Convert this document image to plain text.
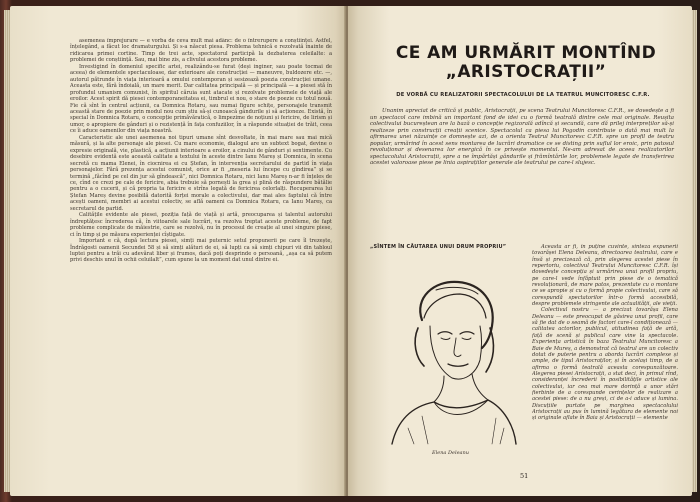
asemenea împrejurare — e vorba de ceva mult mai adânc: de o întrerupere a conștiinței. Astfel, înțelegând, a făcut loc dramaturgului. Și s-a născut piesa. Problema tehnică e rezolvată înainte de ridicarea primei cortine. Timp de trei acte, spectatorul participă la dezbaterea celeilalte: a problemei de conștiință. Sau, mai bine zis, a clivului acestora probleme.

Investigind în domeniul specific artei, realizându-se furat (deși inginer, sau poate tocmai de aceea) de elementele spectaculoase, dar exterioare ale construcției — maneuvre, buldozere etc. —, autorul pătrunde în viața interioară a omului contemporan și sesizează poezia construcției umane. Aceasta este, fără îndoială, un mare merit. Dar calitatea principală — și principală — a piesei stă în profundul umanism comunist, în spiritul căruia sunt atacate și rezolvate problemele de viață ale eroilor. Acest spirit dă piesei contemporaneitatea ei, timbrul ei nou, o stare de poezie cu totul nouă. Fie că sînt în centrul acțiunii, ca Domnica Rotaru, sau numai figure schițe, personajele transmit această stare de poezie prin modul nou cum știu să-și cunoască gândurile și să acționeze. Există, în special în Domnica Rotaru, o concepție primăvăratică, o limpezime de noțiuni și fericire, de lirism și umor, o apropiere de gânduri și o rezistență în fața confuziilor, în a răspunde situației de trăit, ceea ce îi aduce oamenilor din viața noastră.

Caracteristic ale unei asemenea noi tipuri umane sînt desvoltate, în mai mare sau mai mică măsură, și la alte personaje ale piesei. Cu mare economie, dialogul are un subtext bogat, devine o expresie originală, vie, plastică, a acțiunii interioare a eroilor, a cinului de gânduri și sentimente. Cu desebire evidentă este această calitate a textului în aceste dintre Ianu Mareș și Domnica, în scena secretă cu mama Elenei, în ciocnirea ei cu Ștefan, în intervenția secretarului de partid în viața personajelor. Fără prezența acestui comunist, orice ar fi „meseria lui începe cu gîndirea” și se termină „făcînd pe cel din jur să gîndească”, nici Domnica Rotaru, nici Ianu Mareș n-ar fi înțeles de ce, cînd ce crezi pe cale de fericire, abia trebuie să pornești la grea și plină de răspundere bătălie pentru a o cucerii, și că propria ta fericire e strîns legată de fericirea celorlalți. Recuperarea lui Ștefan Mareș devine posibilă datorită forței morale a colectivului, dar mai ales faptului că între acești oameni, membri ai acestui colectiv, se află oameni ca Domnica Rotaru, ca Ianu Mareș, ca secretarul de partid.

Calitățile evidente ale piesei, poziția față de viață și artă, preocuparea și talentul autorului îndreptățesc încrederea că, în viitoarele sale lucrări, va rezolva treptat aceste probleme, de fapt probleme complicate de măiestrie, care se rezolvă, nu în procesul de creație al unei singure piese, ci în timp și pe măsura experienței cîștigate.

Important e că, după lectura piesei, simți mai puternic setul propunerii pe care îl trezește, Îndrăgosti oamenii Secundei 58 și să simți alături de ei, să lupți ca să simți chipuri vii din tabloul luptei pentru a trăi cu adevărat liber și frumos, dacă poți desprinde o persoană, „așa ca să putem privi deschis unul în ochii celuilalt”, cum spune la un moment dat unul dintre ei.

CE AM URMĂRIT MONTÎND
„ARISTOCRAȚII”
DE VORBĂ CU REALIZATORII SPECTACOLULUI DE LA TEATRUL MUNCITORESC C.F.R.

Unanim apreciat de critică și public, Aristocrații, pe scena Teatrului Muncitoresc C.F.R., se dovedește a fi un spectacol care imbină un important fond de idei cu o formă teatrală dintre cele mai originale. Reușita colectivului bucureștean are la bază o concepție regizorală adîncă și secundă, care dă prilej interpreților să-și realizeze prin construcții creații scenice. Spectacolul ca piesa lui Pogodin contribuie o dată mai mult la afirmarea unei năzuințe ce domnește azi, de a orienta Teatrul Muncitoresc C.F.R. spre un profil de teatru popular, urmărind în acest sens montarea de lucrări dramatice ce se disting prin suflul lor eroic, prin patosul revoluționar și desenarea lor energică în ce privește momentul. Ne-am adresat de aceea realizatorilor spectacolului Aristocrații, spre a ne împărtăși gândurile și frămîntările lor, problemele legate de transferirea acestei valoroase piese pe linia aspirațiilor generale ale teatrului pe care-l slujesc.

„SÎNTEM ÎN CĂUTAREA UNUI DRUM PROPRIU”
Elena Deleanu

Aceasta ar fi, în puține cuvinte, sinteza expunerii tovarășei Elena Deleanu, directoarea teatrului, care e însă și precizează că, prin alegerea acestei piese în repertoriu, colectivul Teatrului Muncitoresc C.F.R. își dovedește concepția și urmărirea unui profil propriu, pe care-l vede înfăptuit prin piese de o tematică revoluționară, de mare patos, prezentate cu o montare ce se apropie și cu o formă propie colectivului, care să corespundă spectatorilor într-o formă accesibilă, despre problemele stringente ale actualității, ale vieții.

Colectivul nostru — a precizat tovarășa Elena Deleanu — este preocupat de găsirea unui profil, care să fie dat de o seamă de factori care-l condiționează — calitatea actorilor, publicul, atitudinea față de artă, față de scenă și publicul care vine la spectacole. Experiența artistică în baza Teatrului Muncitoresc a Baie de Mureș, a demonstrat că teatrul are un colectiv dotat de puterie pentru a aborda lucrări complexe și ample, de tipul Aristocraților, și în același timp, de a afirma o formă teatrală aceasta corespunzătoare. Alegerea piesei Aristocrații, a stat deci, în primul rînd, consideranței încrederii în posibilitățile artistice ale colectivului, iar cea mai mare dorință a unor stări fierbinte de a corespunde cerințelor de realizare a acestei piese: de a nu greși, ci de a-i aduce și lumina. Discuțiile purtate pe marginea spectacolului Aristocrații au pus în lumină legătura de elemente noi și originale aflate în Baia și Aristocrații — elemente

51
